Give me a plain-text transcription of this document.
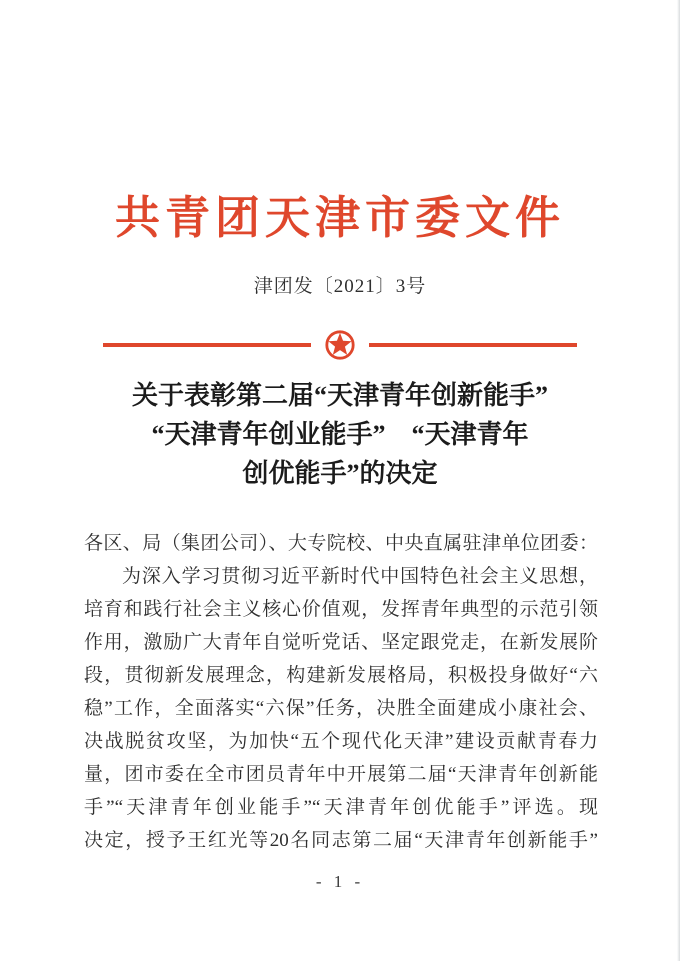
共青团天津市委文件
津团发〔2021〕3号
关于表彰第二届“天津青年创新能手”
“天津青年创业能手”　“天津青年
创优能手”的决定
各区、局（集团公司）、大专院校、中央直属驻津单位团委：
为深入学习贯彻习近平新时代中国特色社会主义思想，
培育和践行社会主义核心价值观，发挥青年典型的示范引领
作用，激励广大青年自觉听党话、坚定跟党走，在新发展阶
段，贯彻新发展理念，构建新发展格局，积极投身做好“六
稳”工作，全面落实“六保”任务，决胜全面建成小康社会、
决战脱贫攻坚，为加快“五个现代化天津”建设贡献青春力
量，团市委在全市团员青年中开展第二届“天津青年创新能
手”“天津青年创业能手”“天津青年创优能手”评选。现
决定，授予王红光等20名同志第二届“天津青年创新能手”
- 1 -
